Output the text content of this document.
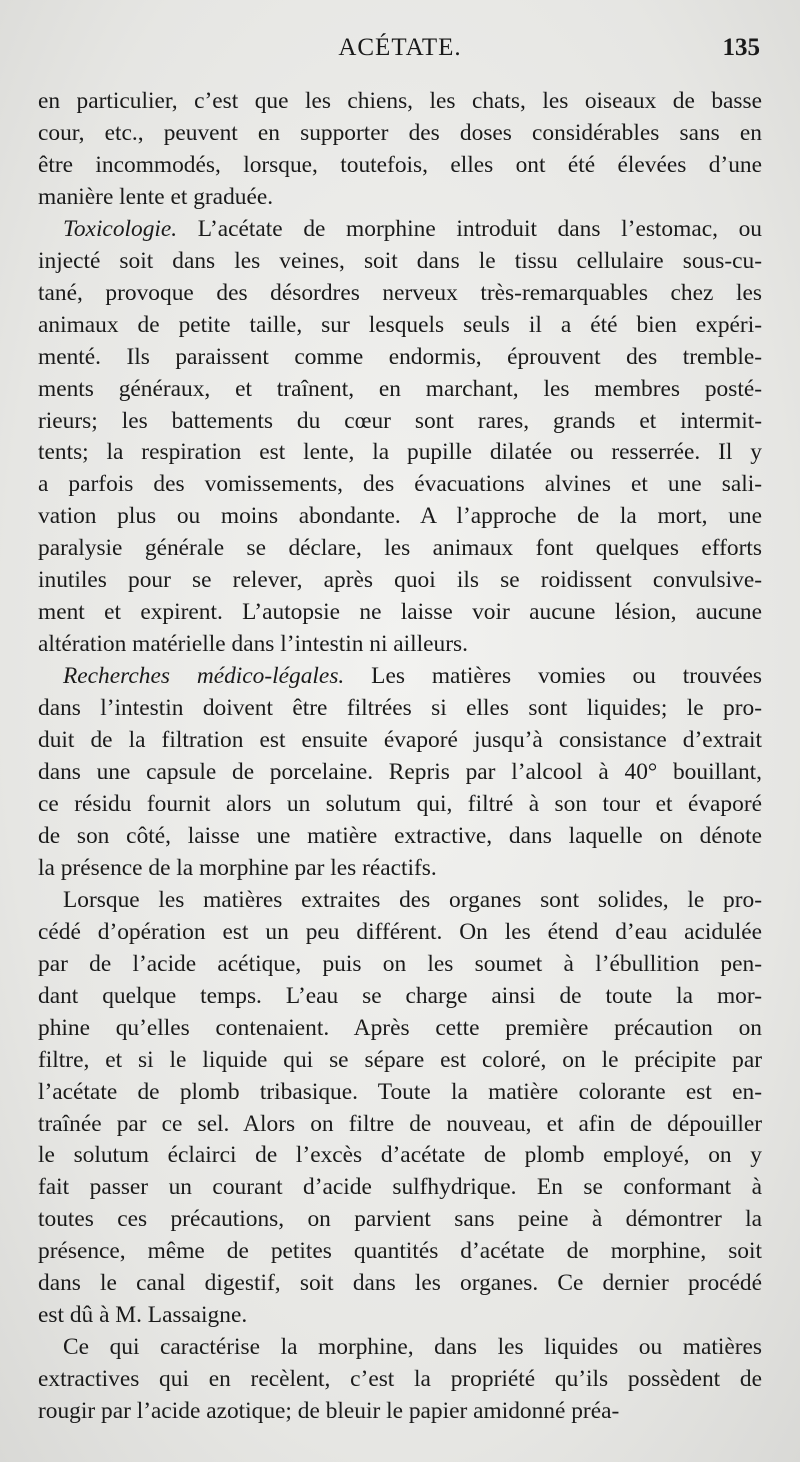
ACÉTATE.	135
en particulier, c’est que les chiens, les chats, les oiseaux de basse
cour, etc., peuvent en supporter des doses considérables sans en
être incommodés, lorsque, toutefois, elles ont été élevées d’une
manière lente et graduée.
Toxicologie. L’acétate de morphine introduit dans l’estomac, ou
injecté soit dans les veines, soit dans le tissu cellulaire sous-cu-
tané, provoque des désordres nerveux très-remarquables chez les
animaux de petite taille, sur lesquels seuls il a été bien expéri-
menté. Ils paraissent comme endormis, éprouvent des tremble-
ments généraux, et traînent, en marchant, les membres posté-
rieurs; les battements du cœur sont rares, grands et intermit-
tents; la respiration est lente, la pupille dilatée ou resserrée. Il y
a parfois des vomissements, des évacuations alvines et une sali-
vation plus ou moins abondante. A l’approche de la mort, une
paralysie générale se déclare, les animaux font quelques efforts
inutiles pour se relever, après quoi ils se roidissent convulsive-
ment et expirent. L’autopsie ne laisse voir aucune lésion, aucune
altération matérielle dans l’intestin ni ailleurs.
Recherches médico-légales. Les matières vomies ou trouvées
dans l’intestin doivent être filtrées si elles sont liquides; le pro-
duit de la filtration est ensuite évaporé jusqu’à consistance d’extrait
dans une capsule de porcelaine. Repris par l’alcool à 40° bouillant,
ce résidu fournit alors un solutum qui, filtré à son tour et évaporé
de son côté, laisse une matière extractive, dans laquelle on dénote
la présence de la morphine par les réactifs.
Lorsque les matières extraites des organes sont solides, le pro-
cédé d’opération est un peu différent. On les étend d’eau acidulée
par de l’acide acétique, puis on les soumet à l’ébullition pen-
dant quelque temps. L’eau se charge ainsi de toute la mor-
phine qu’elles contenaient. Après cette première précaution on
filtre, et si le liquide qui se sépare est coloré, on le précipite par
l’acétate de plomb tribasique. Toute la matière colorante est en-
traînée par ce sel. Alors on filtre de nouveau, et afin de dépouiller
le solutum éclairci de l’excès d’acétate de plomb employé, on y
fait passer un courant d’acide sulfhydrique. En se conformant à
toutes ces précautions, on parvient sans peine à démontrer la
présence, même de petites quantités d’acétate de morphine, soit
dans le canal digestif, soit dans les organes. Ce dernier procédé
est dû à M. Lassaigne.
Ce qui caractérise la morphine, dans les liquides ou matières
extractives qui en recèlent, c’est la propriété qu’ils possèdent de
rougir par l’acide azotique; de bleuir le papier amidonné préa-
